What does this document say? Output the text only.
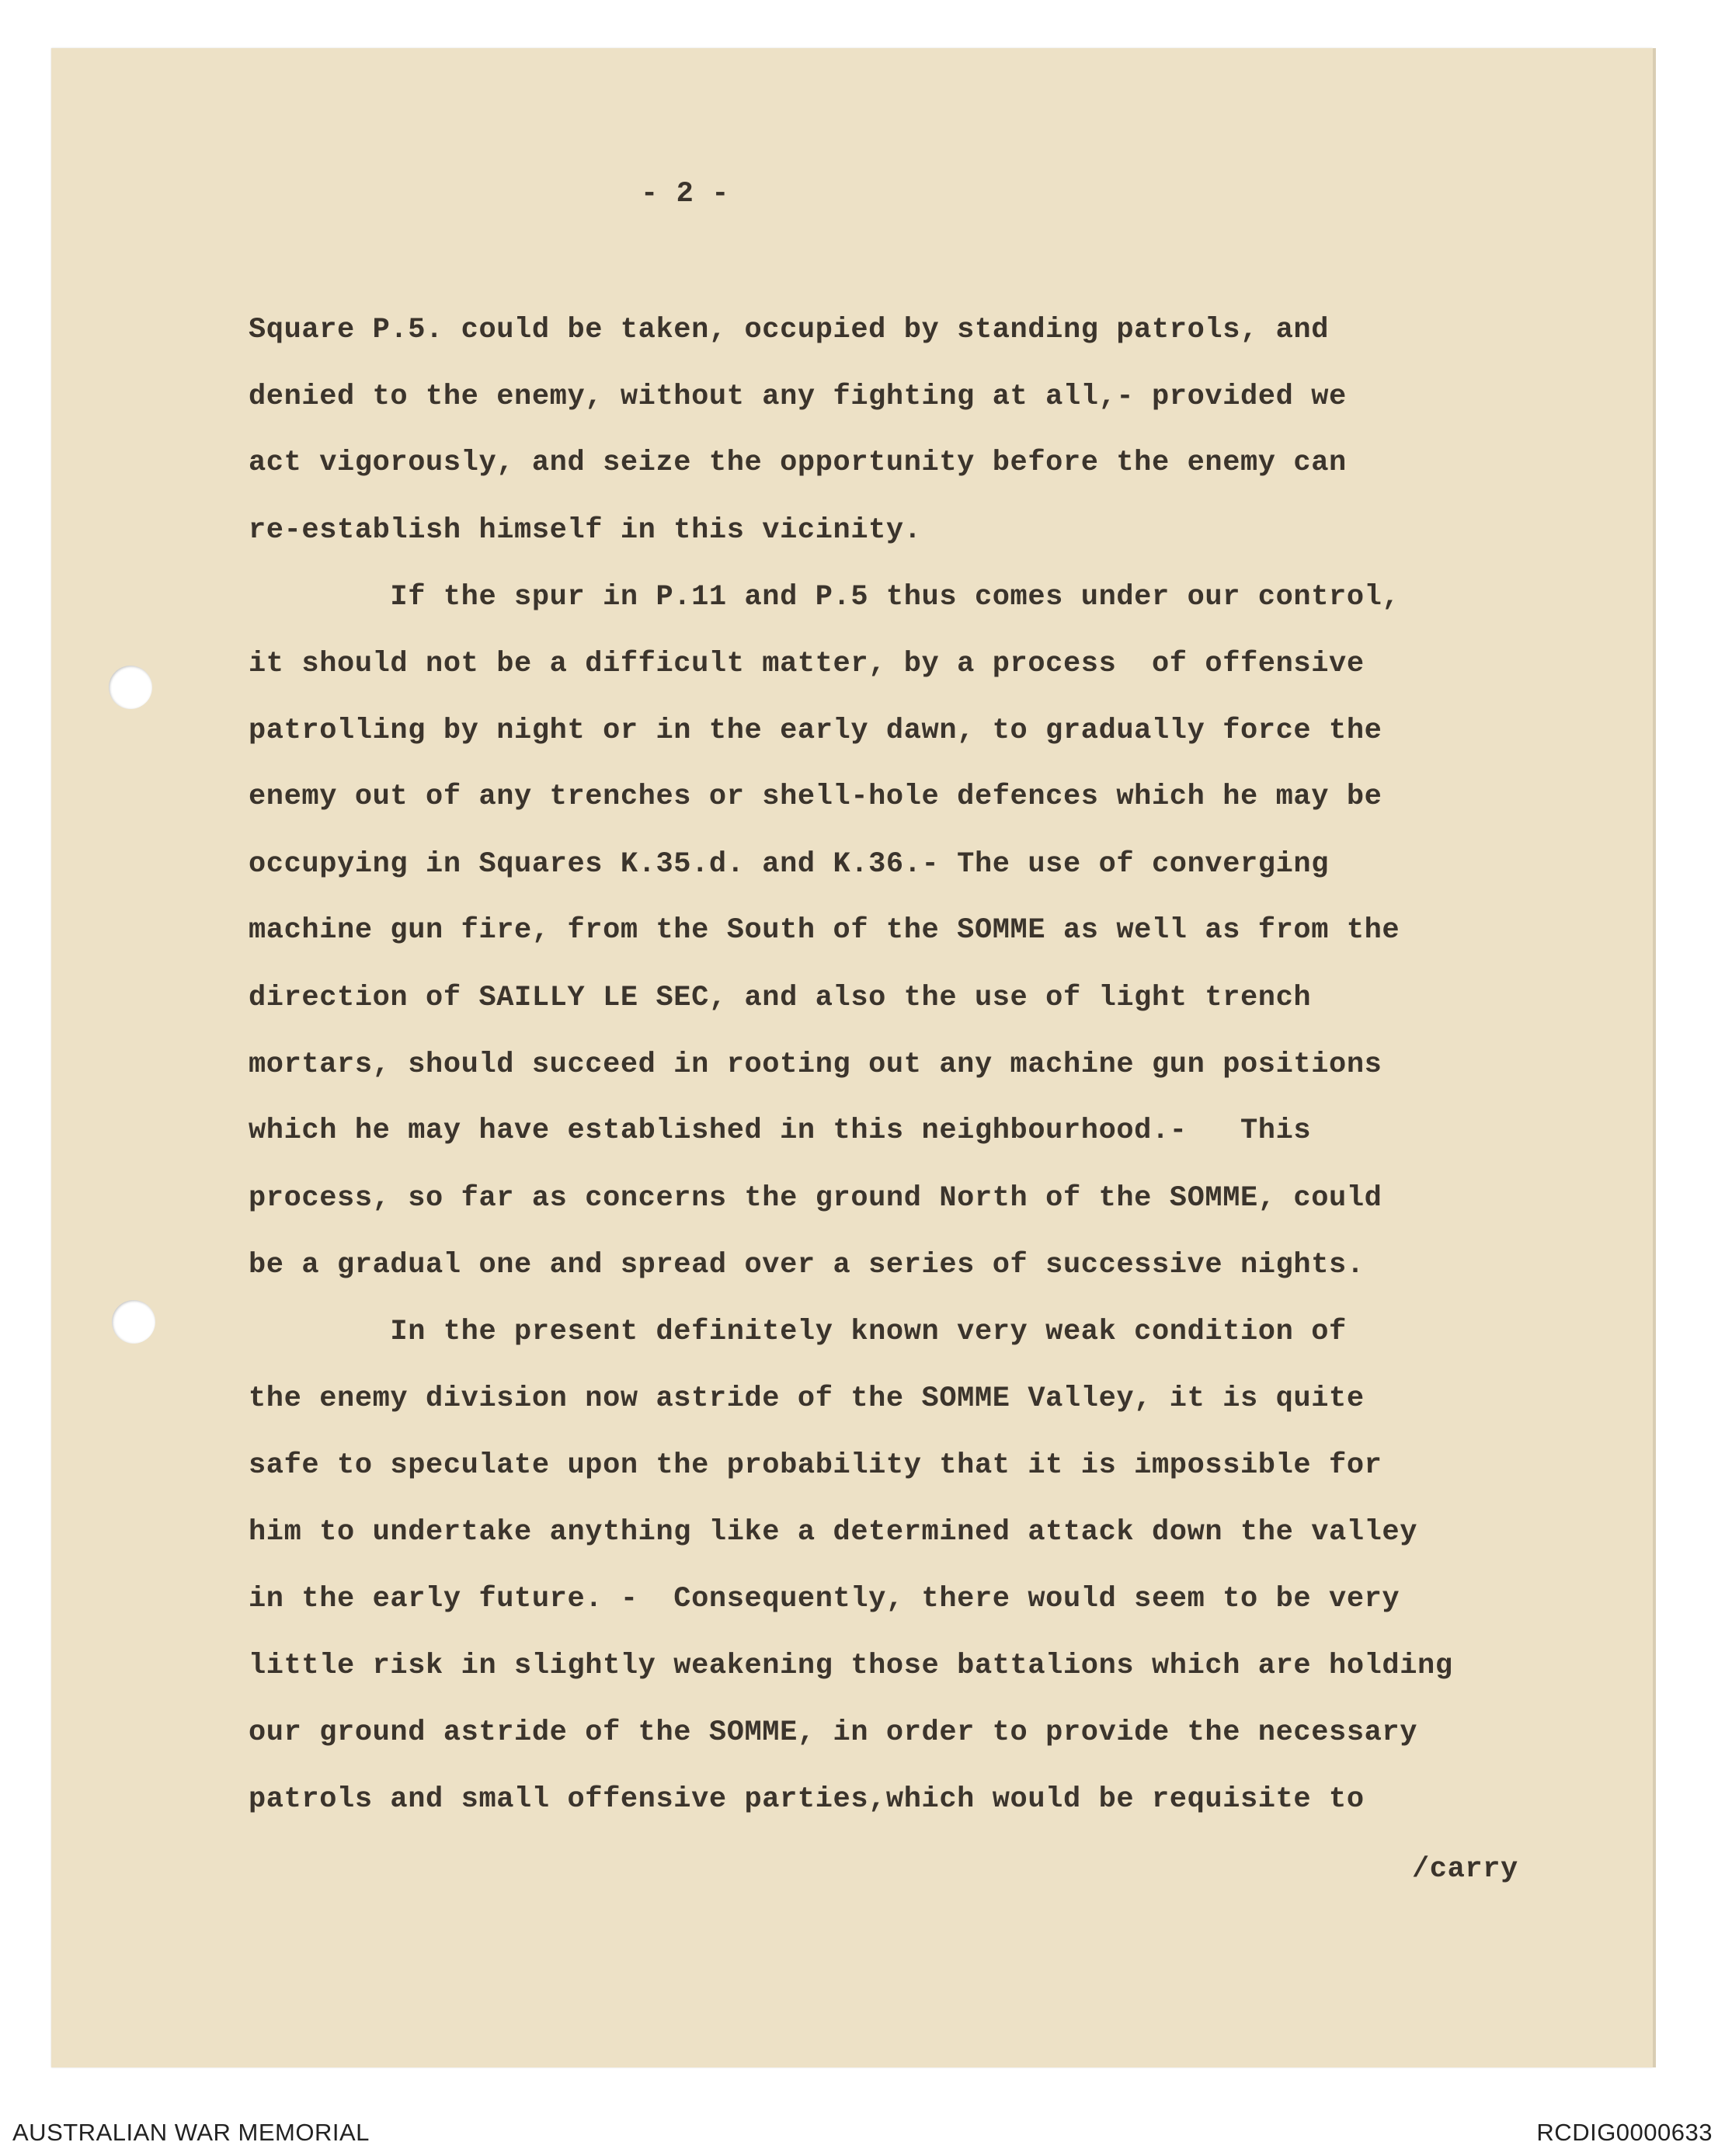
- 2 -

Square P.5. could be taken, occupied by standing patrols, and

denied to the enemy, without any fighting at all,- provided we

act vigorously, and seize the opportunity before the enemy can

re-establish himself in this vicinity.

If the spur in P.11 and P.5 thus comes under our control,

it should not be a difficult matter, by a process  of offensive

patrolling by night or in the early dawn, to gradually force the

enemy out of any trenches or shell-hole defences which he may be

occupying in Squares K.35.d. and K.36.- The use of converging

machine gun fire, from the South of the SOMME as well as from the

direction of SAILLY LE SEC, and also the use of light trench

mortars, should succeed in rooting out any machine gun positions

which he may have established in this neighbourhood.-   This

process, so far as concerns the ground North of the SOMME, could

be a gradual one and spread over a series of successive nights.

In the present definitely known very weak condition of

the enemy division now astride of the SOMME Valley, it is quite

safe to speculate upon the probability that it is impossible for

him to undertake anything like a determined attack down the valley

in the early future. -  Consequently, there would seem to be very

little risk in slightly weakening those battalions which are holding

our ground astride of the SOMME, in order to provide the necessary

patrols and small offensive parties,which would be requisite to

/carry
AUSTRALIAN WAR MEMORIAL	RCDIG0000633
